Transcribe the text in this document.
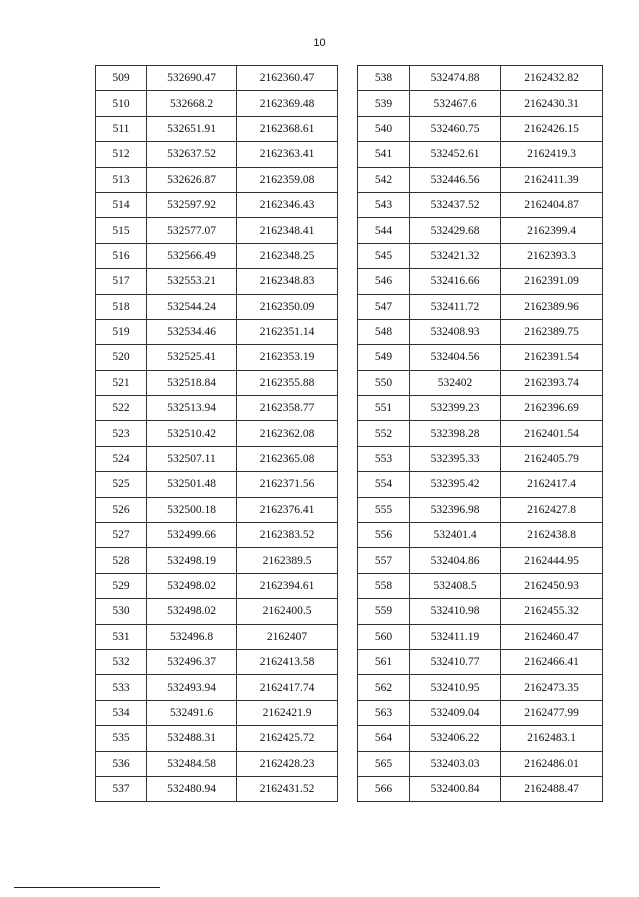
10
509	532690.47	2162360.47
510	532668.2	2162369.48
511	532651.91	2162368.61
512	532637.52	2162363.41
513	532626.87	2162359.08
514	532597.92	2162346.43
515	532577.07	2162348.41
516	532566.49	2162348.25
517	532553.21	2162348.83
518	532544.24	2162350.09
519	532534.46	2162351.14
520	532525.41	2162353.19
521	532518.84	2162355.88
522	532513.94	2162358.77
523	532510.42	2162362.08
524	532507.11	2162365.08
525	532501.48	2162371.56
526	532500.18	2162376.41
527	532499.66	2162383.52
528	532498.19	2162389.5
529	532498.02	2162394.61
530	532498.02	2162400.5
531	532496.8	2162407
532	532496.37	2162413.58
533	532493.94	2162417.74
534	532491.6	2162421.9
535	532488.31	2162425.72
536	532484.58	2162428.23
537	532480.94	2162431.52
538	532474.88	2162432.82
539	532467.6	2162430.31
540	532460.75	2162426.15
541	532452.61	2162419.3
542	532446.56	2162411.39
543	532437.52	2162404.87
544	532429.68	2162399.4
545	532421.32	2162393.3
546	532416.66	2162391.09
547	532411.72	2162389.96
548	532408.93	2162389.75
549	532404.56	2162391.54
550	532402	2162393.74
551	532399.23	2162396.69
552	532398.28	2162401.54
553	532395.33	2162405.79
554	532395.42	2162417.4
555	532396.98	2162427.8
556	532401.4	2162438.8
557	532404.86	2162444.95
558	532408.5	2162450.93
559	532410.98	2162455.32
560	532411.19	2162460.47
561	532410.77	2162466.41
562	532410.95	2162473.35
563	532409.04	2162477.99
564	532406.22	2162483.1
565	532403.03	2162486.01
566	532400.84	2162488.47
